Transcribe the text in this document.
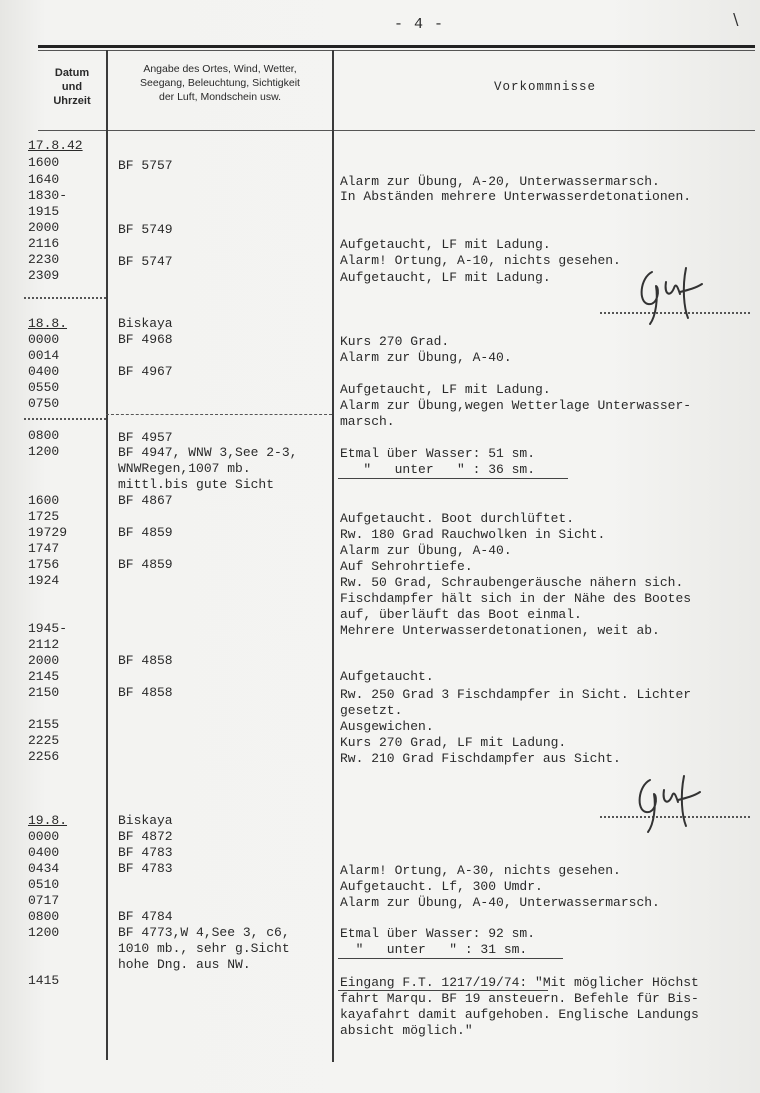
- 4 -	∖
Datum
und
Uhrzeit
Angabe des Ortes, Wind, Wetter,
Seegang, Beleuchtung, Sichtigkeit
der Luft, Mondschein usw.
Vorkommnisse
17.8.42
1600
1640
1830-
1915
2000
2116
2230
2309
18.8.
0000
0014
0400
0550
0750
0800
1200
1600
1725
19729
1747
1756
1924
1945-
2112
2000
2145
2150
2155
2225
2256
19.8.
0000
0400
0434
0510
0717
0800
1200
1415
BF 5757
BF 5749
BF 5747
Biskaya
BF 4968
BF 4967
BF 4957
BF 4947, WNW 3,See 2-3,
WNWRegen,1007 mb.
mittl.bis gute Sicht
BF 4867
BF 4859
BF 4859
BF 4858
BF 4858
Biskaya
BF 4872
BF 4783
BF 4783
BF 4784
BF 4773,W 4,See 3, c6,
1010 mb., sehr g.Sicht
hohe Dng. aus NW.
Alarm zur Übung, A-20, Unterwassermarsch.
In Abständen mehrere Unterwasserdetonationen.
Aufgetaucht, LF mit Ladung.
Alarm! Ortung, A-10, nichts gesehen.
Aufgetaucht, LF mit Ladung.
Kurs 270 Grad.
Alarm zur Übung, A-40.
Aufgetaucht, LF mit Ladung.
Alarm zur Übung,wegen Wetterlage Unterwasser-
marsch.
Etmal über Wasser: 51 sm.
"   unter   " : 36 sm.
Aufgetaucht. Boot durchlüftet.
Rw. 180 Grad Rauchwolken in Sicht.
Alarm zur Übung, A-40.
Auf Sehrohrtiefe.
Rw. 50 Grad, Schraubengeräusche nähern sich.
Fischdampfer hält sich in der Nähe des Bootes
auf, überläuft das Boot einmal.
Mehrere Unterwasserdetonationen, weit ab.
Aufgetaucht.
Rw. 250 Grad 3 Fischdampfer in Sicht. Lichter
gesetzt.
Ausgewichen.
Kurs 270 Grad, LF mit Ladung.
Rw. 210 Grad Fischdampfer aus Sicht.
Alarm! Ortung, A-30, nichts gesehen.
Aufgetaucht. Lf, 300 Umdr.
Alarm zur Übung, A-40, Unterwassermarsch.
Etmal über Wasser: 92 sm.
"   unter   " : 31 sm.
Eingang F.T. 1217/19/74: "Mit möglicher Höchst
fahrt Marqu. BF 19 ansteuern. Befehle für Bis-
kayafahrt damit aufgehoben. Englische Landungs
absicht möglich."
